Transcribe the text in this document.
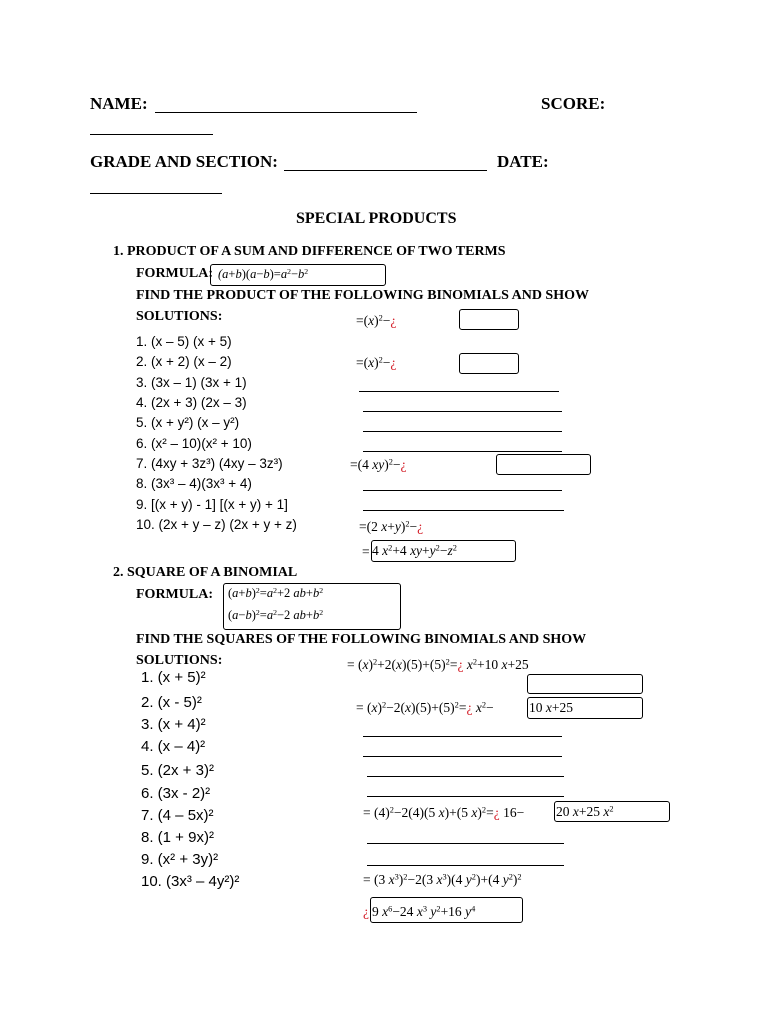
NAME:	SCORE:
GRADE AND SECTION:	DATE:
SPECIAL PRODUCTS
1. PRODUCT OF A SUM AND DIFFERENCE OF TWO TERMS
FORMULA: $(a+b)(a-b)=a^2-b^2$
FIND THE PRODUCT OF THE FOLLOWING BINOMIALS AND SHOW
SOLUTIONS:
1. (x – 5) (x + 5)
2. (x + 2) (x – 2)
3. (3x – 1) (3x + 1)
4. (2x + 3) (2x – 3)
5. (x + y²) (x – y²)
6. (x² – 10)(x² + 10)
7. (4xy + 3z³) (4xy – 3z³)
8. (3x³ – 4)(3x³ + 4)
9. [(x + y) - 1] [(x + y) + 1]
10. (2x + y – z) (2x + y + z)
$=(x)^2-¿$
$=(x)^2-¿$
=(4 xy)$^2$−¿
=(2 x+y)$^2$−¿
= 4 $x^2+4$ $xy+y^2-z^2$
2. SQUARE OF A BINOMIAL
FORMULA: $(a+b)^2=a^2+2$ $ab+b^2$
$(a-b)^2=a^2-2$ $ab+b^2$
FIND THE SQUARES OF THE FOLLOWING BINOMIALS AND SHOW
SOLUTIONS:
1. (x + 5)²
2. (x - 5)²
3. (x + 4)²
4. (x – 4)²
5. (2x + 3)²
6. (3x - 2)²
7. (4 – 5x)²
8. (1 + 9x)²
9. (x² + 3y)²
10. (3x³ – 4y²)²
= $(x)^2+2(x)(5)+(5)^2=¿$ $x^2+10$ x+25
= $(x)^2-2(x)(5)+(5)^2=¿$ $x^2-$	10 x+25
= $(4)^2-2(4)(5$ x)+(5 x)$^2$=¿ 16− 20 x+25 $x^2$
= (3 $x^3)^2-2(3$ $x^3)(4$ $y^2)+(4$ $y^2)^2$
¿ 9 $x^6-24$ $x^3$ $y^2+16$ $y^4$
